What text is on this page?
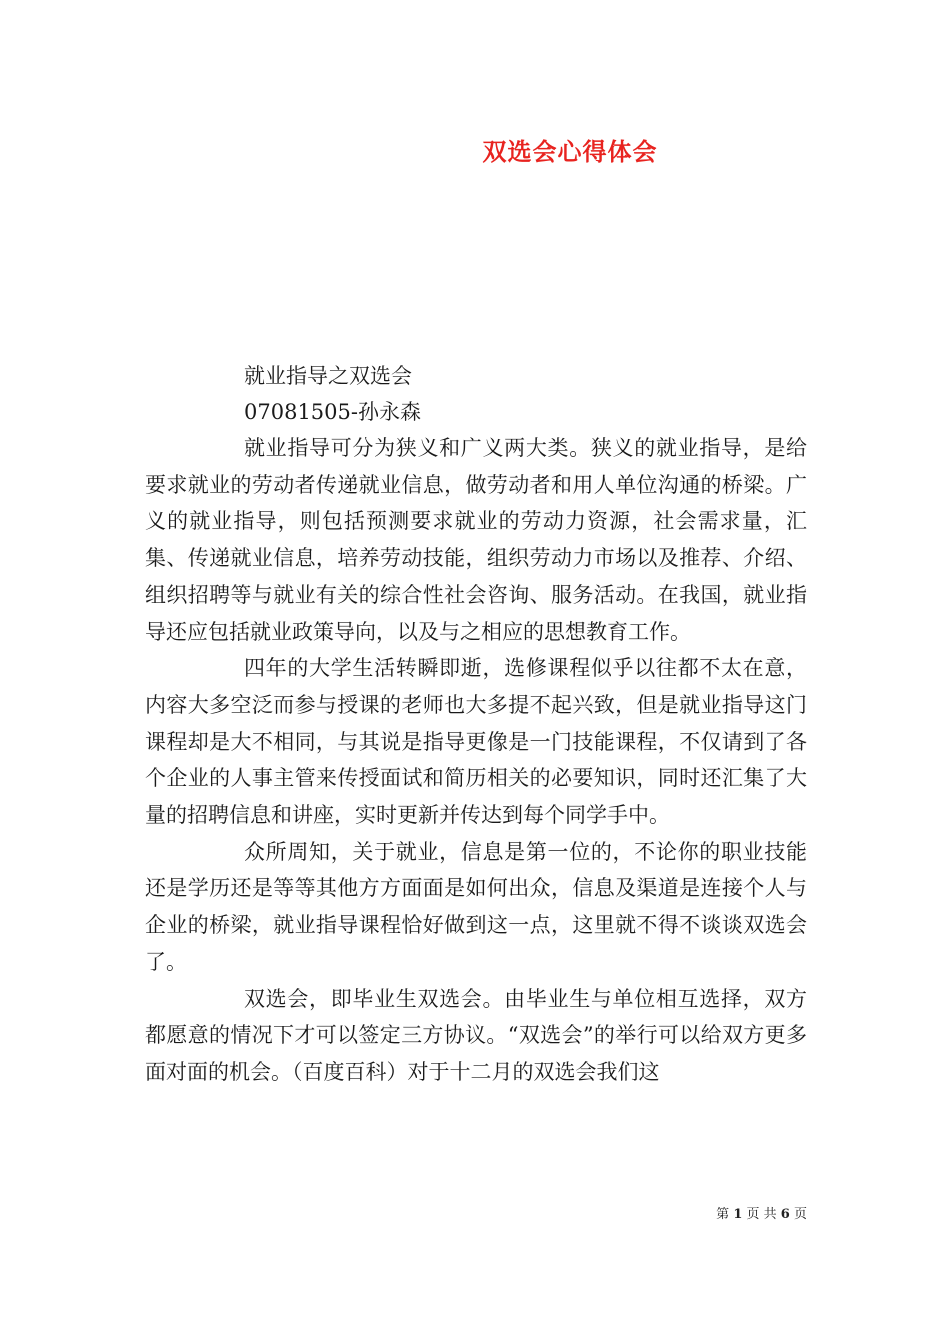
双选会心得体会
就业指导之双选会
07081505-孙永森

就业指导可分为狭义和广义两大类。狭义的就业指导，是给要求就业的劳动者传递就业信息，做劳动者和用人单位沟通的桥梁。广义的就业指导，则包括预测要求就业的劳动力资源，社会需求量，汇集、传递就业信息，培养劳动技能，组织劳动力市场以及推荐、介绍、组织招聘等与就业有关的综合性社会咨询、服务活动。在我国，就业指导还应包括就业政策导向，以及与之相应的思想教育工作。

四年的大学生活转瞬即逝，选修课程似乎以往都不太在意，内容大多空泛而参与授课的老师也大多提不起兴致，但是就业指导这门课程却是大不相同，与其说是指导更像是一门技能课程，不仅请到了各个企业的人事主管来传授面试和简历相关的必要知识，同时还汇集了大量的招聘信息和讲座，实时更新并传达到每个同学手中。

众所周知，关于就业，信息是第一位的，不论你的职业技能还是学历还是等等其他方方面面是如何出众，信息及渠道是连接个人与企业的桥梁，就业指导课程恰好做到这一点，这里就不得不谈谈双选会了。

双选会，即毕业生双选会。由毕业生与单位相互选择，双方都愿意的情况下才可以签定三方协议。“双选会”的举行可以给双方更多面对面的机会。（百度百科）对于十二月的双选会我们这

第 1 页 共 6 页
